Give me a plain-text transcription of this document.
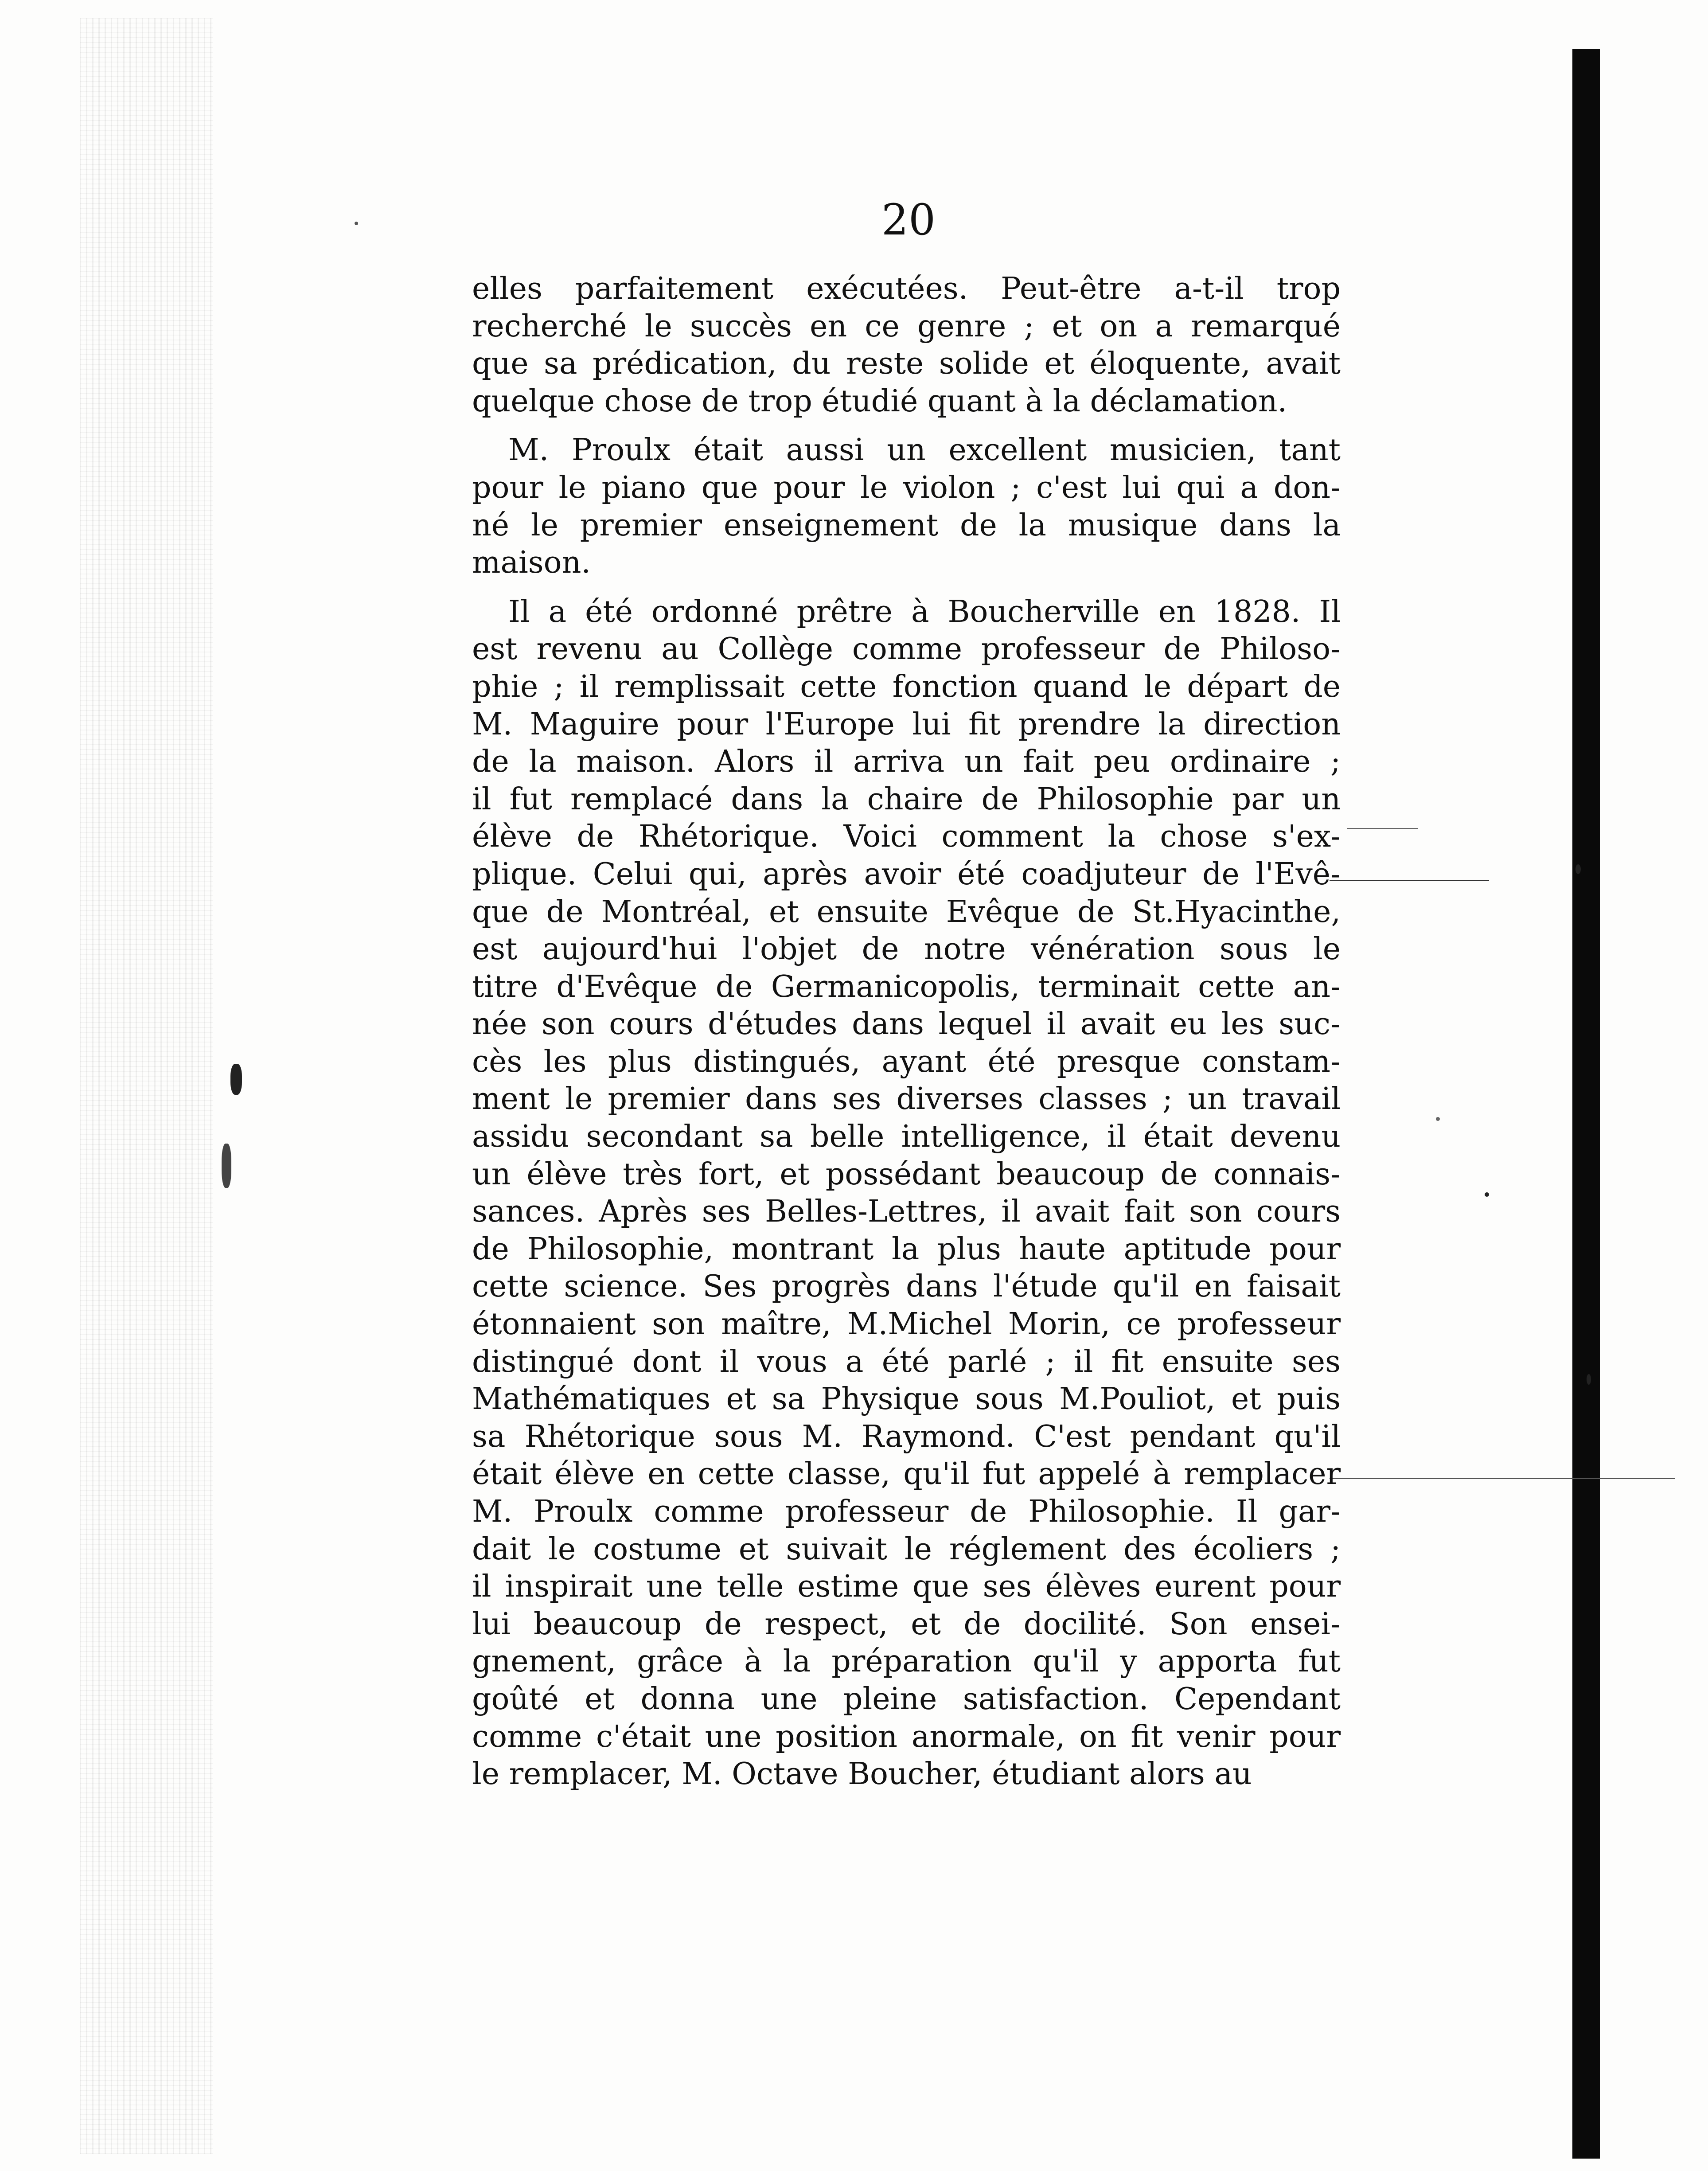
20
elles parfaitement exécutées. Peut-être a-t-il trop
recherché le succès en ce genre ; et on a remarqué
que sa prédication, du reste solide et éloquente, avait
quelque chose de trop étudié quant à la déclamation.
M. Proulx était aussi un excellent musicien, tant
pour le piano que pour le violon ; c'est lui qui a don-
né le premier enseignement de la musique dans la
maison.
Il a été ordonné prêtre à Boucherville en 1828. Il
est revenu au Collège comme professeur de Philoso-
phie ; il remplissait cette fonction quand le départ de
M. Maguire pour l'Europe lui fit prendre la direction
de la maison. Alors il arriva un fait peu ordinaire ;
il fut remplacé dans la chaire de Philosophie par un
élève de Rhétorique. Voici comment la chose s'ex-
plique. Celui qui, après avoir été coadjuteur de l'Evê-
que de Montréal, et ensuite Evêque de St.Hyacinthe,
est aujourd'hui l'objet de notre vénération sous le
titre d'Evêque de Germanicopolis, terminait cette an-
née son cours d'études dans lequel il avait eu les suc-
cès les plus distingués, ayant été presque constam-
ment le premier dans ses diverses classes ; un travail
assidu secondant sa belle intelligence, il était devenu
un élève très fort, et possédant beaucoup de connais-
sances. Après ses Belles-Lettres, il avait fait son cours
de Philosophie, montrant la plus haute aptitude pour
cette science. Ses progrès dans l'étude qu'il en faisait
étonnaient son maître, M.Michel Morin, ce professeur
distingué dont il vous a été parlé ; il fit ensuite ses
Mathématiques et sa Physique sous M.Pouliot, et puis
sa Rhétorique sous M. Raymond. C'est pendant qu'il
était élève en cette classe, qu'il fut appelé à remplacer
M. Proulx comme professeur de Philosophie. Il gar-
dait le costume et suivait le réglement des écoliers ;
il inspirait une telle estime que ses élèves eurent pour
lui beaucoup de respect, et de docilité. Son ensei-
gnement, grâce à la préparation qu'il y apporta fut
goûté et donna une pleine satisfaction. Cependant
comme c'était une position anormale, on fit venir pour
le remplacer, M. Octave Boucher, étudiant alors au
